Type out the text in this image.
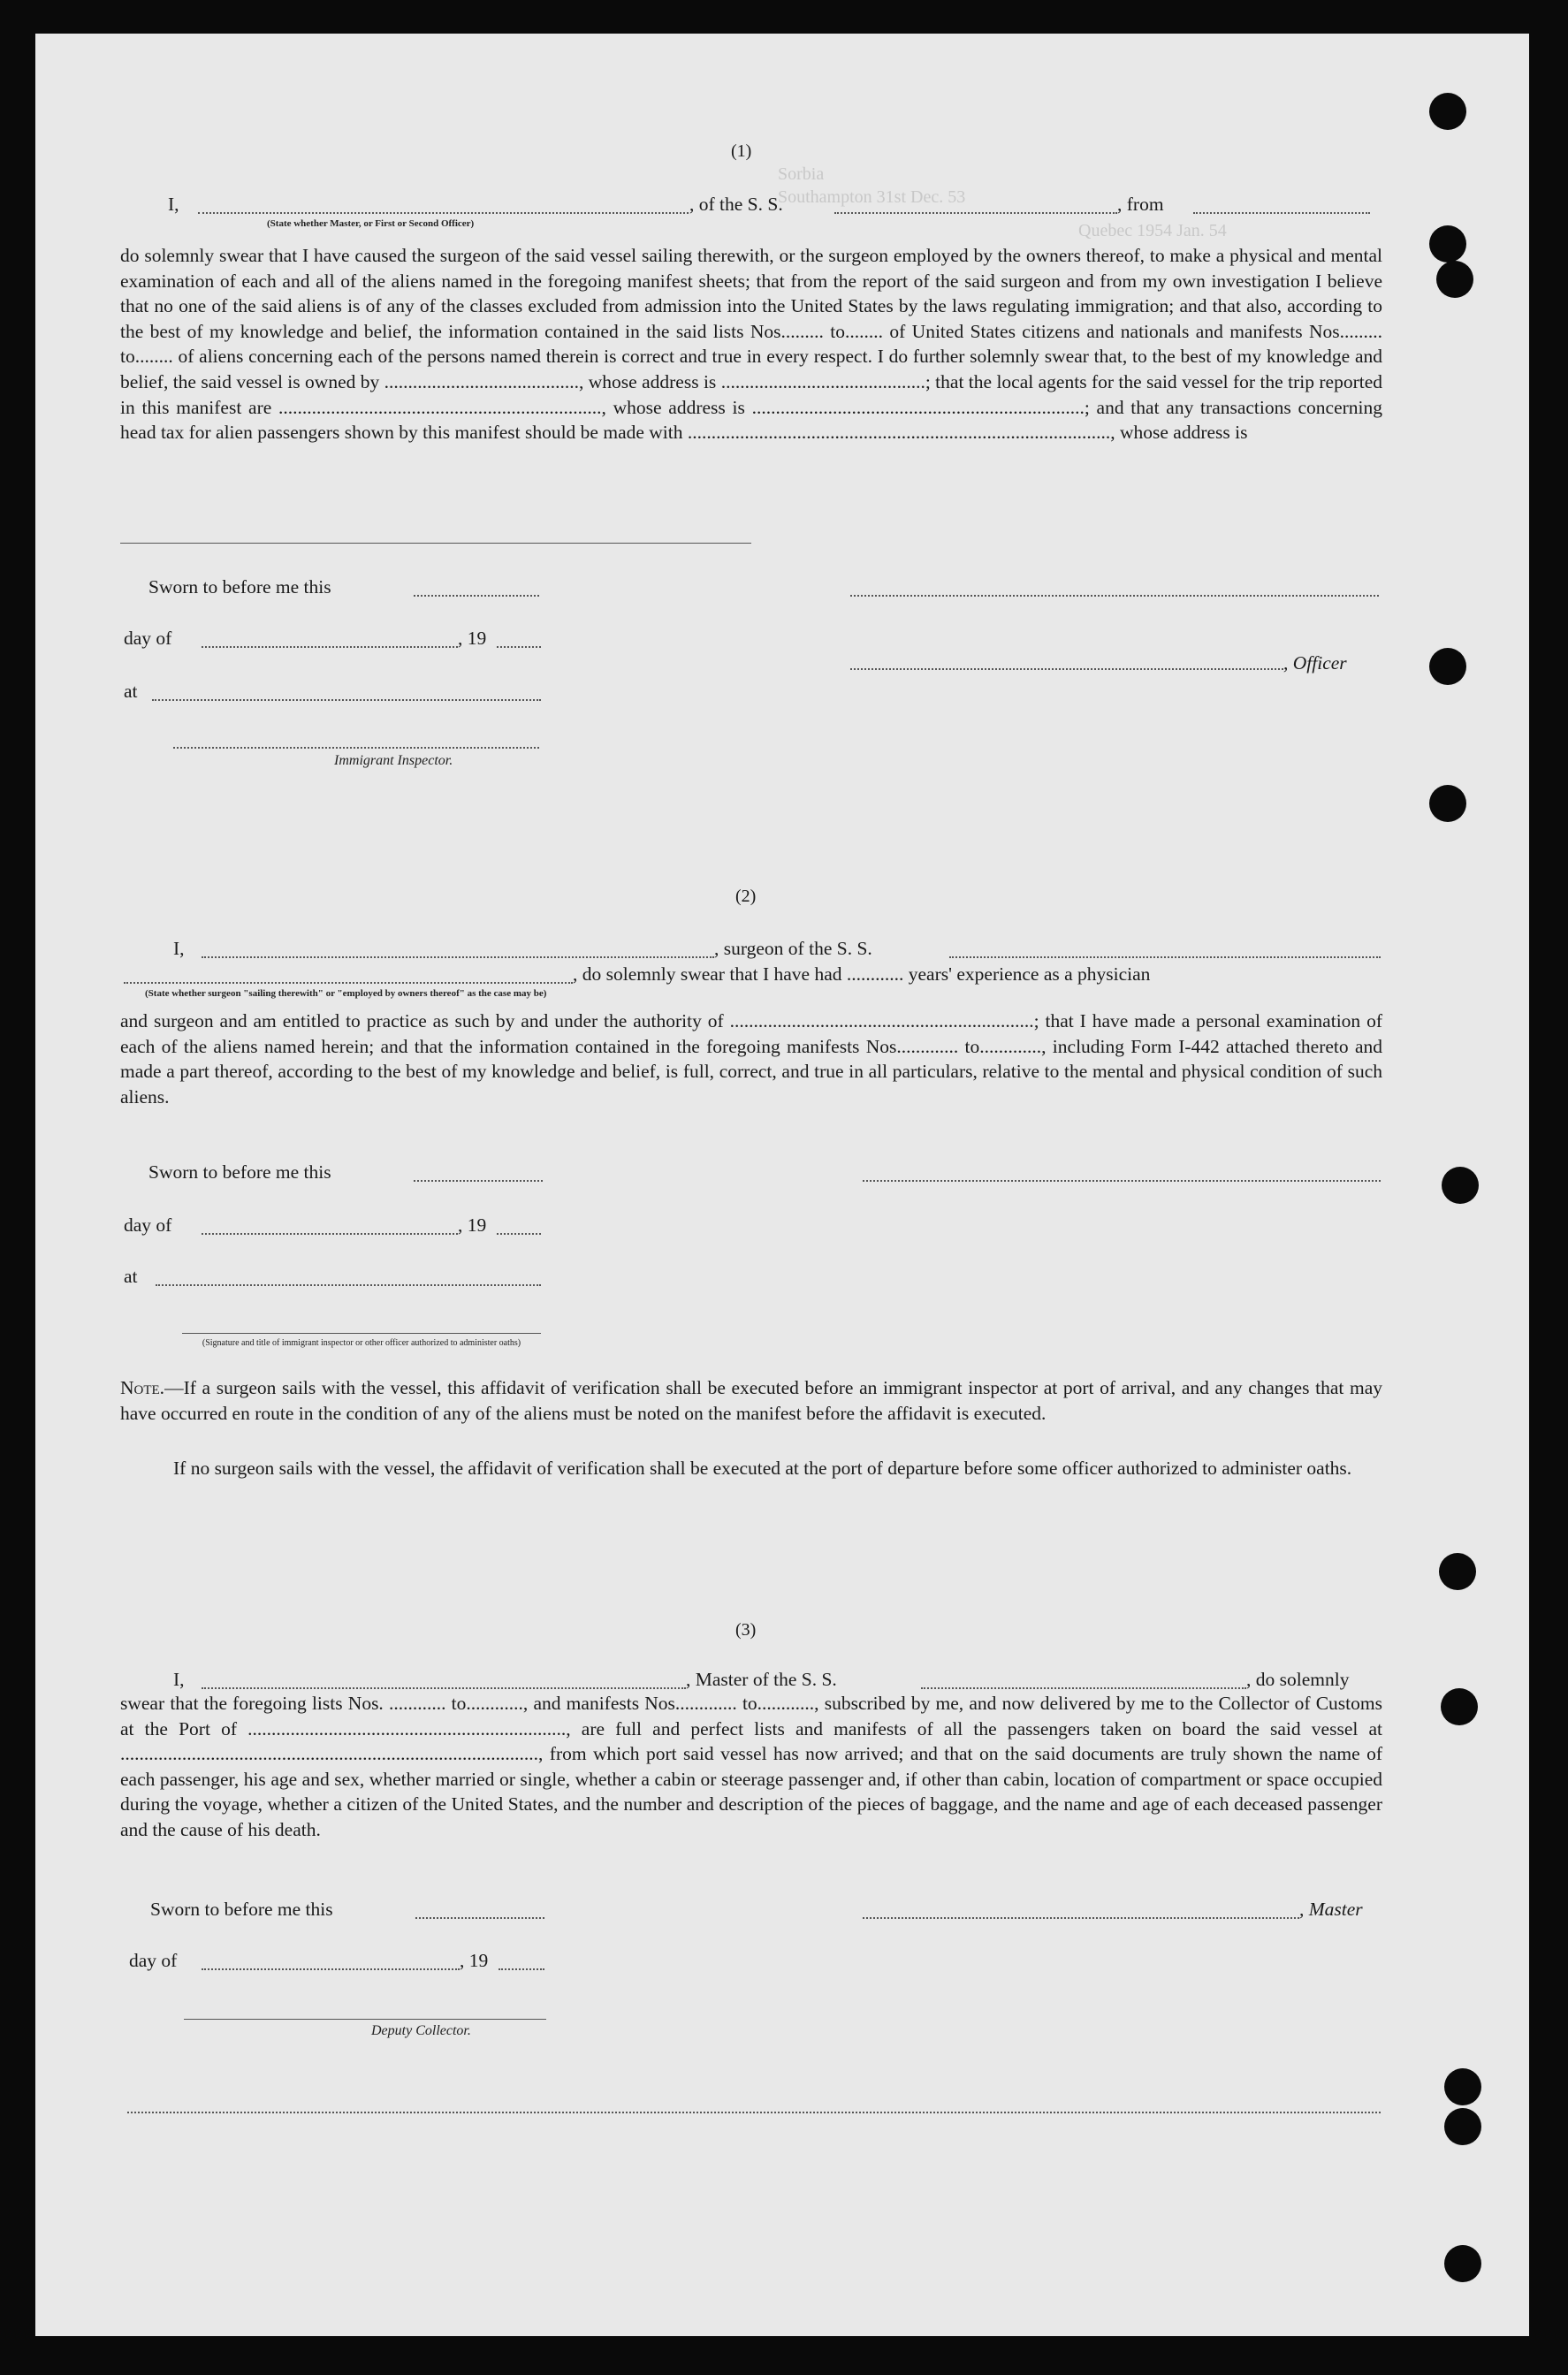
Sorbia
Southampton 31st Dec. 53
Quebec 1954 Jan. 54
(1)
I,	, of the S. S.	, from
(State whether Master, or First or Second Officer)

do solemnly swear that I have caused the surgeon of the said vessel sailing therewith, or the surgeon employed by the owners thereof, to make a physical and mental examination of each and all of the aliens named in the foregoing manifest sheets; that from the report of the said surgeon and from my own investigation I believe that no one of the said aliens is of any of the classes excluded from admission into the United States by the laws regulating immigration; and that also, according to the best of my knowledge and belief, the information contained in the said lists Nos......... to........ of United States citizens and nationals and manifests Nos......... to........ of aliens concerning each of the persons named therein is correct and true in every respect. I do further solemnly swear that, to the best of my knowledge and belief, the said vessel is owned by ........................................., whose address is ...........................................; that the local agents for the said vessel for the trip reported in this manifest are ...................................................................., whose address is ......................................................................; and that any transactions concerning head tax for alien passengers shown by this manifest should be made with ........................................................................................., whose address is

Sworn to before me this
day of	, 19
, Officer
at
Immigrant Inspector.
(2)
I,	, surgeon of the S. S.
, do solemnly swear that I have had ............ years' experience as a physician
(State whether surgeon "sailing therewith" or "employed by owners thereof" as the case may be)

and surgeon and am entitled to practice as such by and under the authority of ................................................................; that I have made a personal examination of each of the aliens named herein; and that the information contained in the foregoing manifests Nos............. to............., including Form I-442 attached thereto and made a part thereof, according to the best of my knowledge and belief, is full, correct, and true in all particulars, relative to the mental and physical condition of such aliens.

Sworn to before me this
day of	, 19
at
(Signature and title of immigrant inspector or other officer authorized to administer oaths)

Note.—If a surgeon sails with the vessel, this affidavit of verification shall be executed before an immigrant inspector at port of arrival, and any changes that may have occurred en route in the condition of any of the aliens must be noted on the manifest before the affidavit is executed.

If no surgeon sails with the vessel, the affidavit of verification shall be executed at the port of departure before some officer authorized to administer oaths.

(3)
I,	, Master of the S. S.	, do solemnly

swear that the foregoing lists Nos. ............ to............, and manifests Nos............. to............, subscribed by me, and now delivered by me to the Collector of Customs at the Port of ..................................................................., are full and perfect lists and manifests of all the passengers taken on board the said vessel at ........................................................................................, from which port said vessel has now arrived; and that on the said documents are truly shown the name of each passenger, his age and sex, whether married or single, whether a cabin or steerage passenger and, if other than cabin, location of compartment or space occupied during the voyage, whether a citizen of the United States, and the number and description of the pieces of baggage, and the name and age of each deceased passenger and the cause of his death.

Sworn to before me this	, Master
day of	, 19
Deputy Collector.
